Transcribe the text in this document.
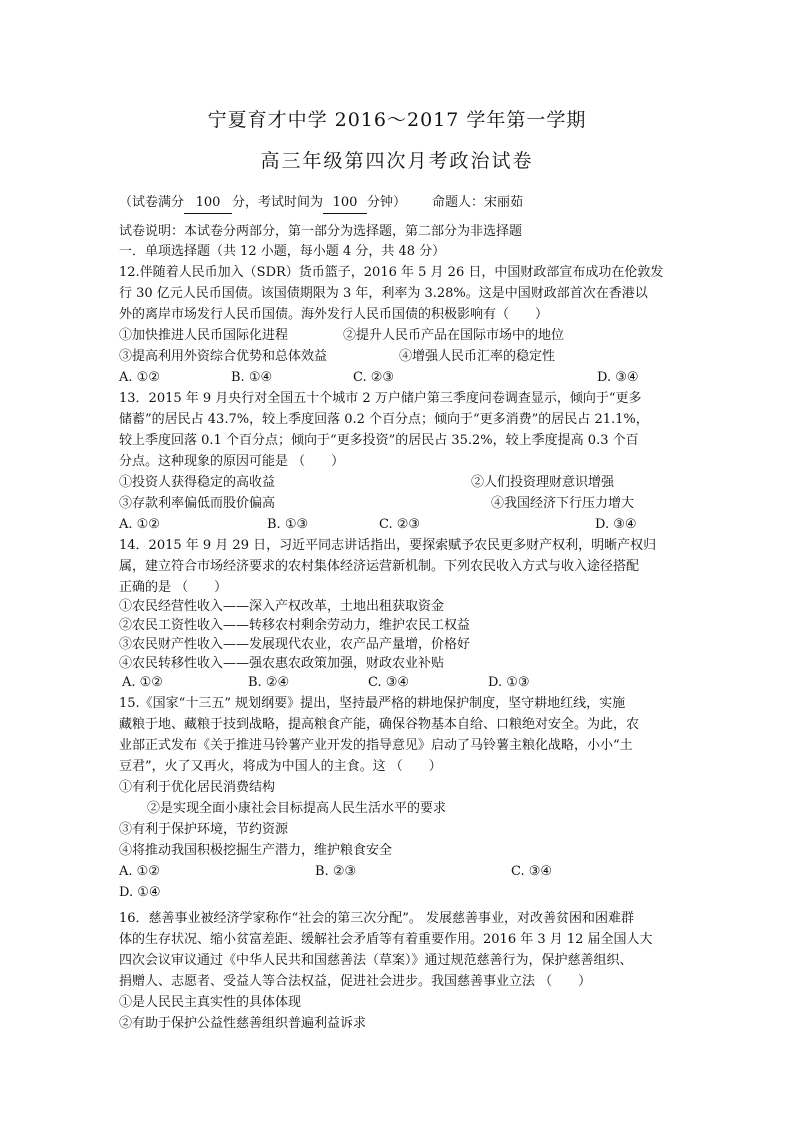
宁夏育才中学 2016～2017 学年第一学期
高三年级第四次月考政治试卷
（试卷满分 100 分，考试时间为 100 分钟） 命题人：宋丽茹
试卷说明：本试卷分两部分，第一部分为选择题，第二部分为非选择题
一．单项选择题（共 12 小题，每小题 4 分，共 48 分）
12.伴随着人民币加入（SDR）货币篮子，2016 年 5 月 26 日，中国财政部宣布成功在伦敦发
行 30 亿元人民币国债。该国债期限为 3 年，利率为 3.28%。这是中国财政部首次在香港以
外的离岸市场发行人民币国债。海外发行人民币国债的积极影响有（　　）
①加快推进人民币国际化进程	②提升人民币产品在国际市场中的地位
③提高利用外资综合优势和总体效益	④增强人民币汇率的稳定性
A. ①②	B. ①④	C. ②③	D. ③④
13．2015 年 9 月央行对全国五十个城市 2 万户储户第三季度问卷调查显示，倾向于“更多
储蓄”的居民占 43.7%，较上季度回落 0.2 个百分点；倾向于“更多消费”的居民占 21.1%，
较上季度回落 0.1 个百分点；倾向于“更多投资”的居民占 35.2%，较上季度提高 0.3 个百
分点。这种现象的原因可能是 （　　）
①投资人获得稳定的高收益	②人们投资理财意识增强
③存款利率偏低而股价偏高	④我国经济下行压力增大
A. ①②	B. ①③	C. ②③	D. ③④
14．2015 年 9 月 29 日，习近平同志讲话指出，要探索赋予农民更多财产权利，明晰产权归
属，建立符合市场经济要求的农村集体经济运营新机制。下列农民收入方式与收入途径搭配
正确的是 （　　）
①农民经营性收入——深入产权改革，土地出租获取资金
②农民工资性收入——转移农村剩余劳动力，维护农民工权益
③农民财产性收入——发展现代农业，农产品产量增，价格好
④农民转移性收入——强农惠农政策加强，财政农业补贴
A. ①②	B. ②④	C. ③④	D. ①③
15.《国家“十三五” 规划纲要》提出，坚持最严格的耕地保护制度，坚守耕地红线，实施
藏粮于地、藏粮于技到战略，提高粮食产能，确保谷物基本自给、口粮绝对安全。为此，农
业部正式发布《关于推进马铃薯产业开发的指导意见》启动了马铃薯主粮化战略，小小“土
豆君”，火了又再火，将成为中国人的主食。这 （　　）
①有利于优化居民消费结构
②是实现全面小康社会目标提高人民生活水平的要求
③有利于保护环境，节约资源
④将推动我国积极挖掘生产潜力，维护粮食安全
A. ①②	B. ②③	C. ③④
D. ①④
16．慈善事业被经济学家称作“社会的第三次分配”。 发展慈善事业，对改善贫困和困难群
体的生存状况、缩小贫富差距、缓解社会矛盾等有着重要作用。2016 年 3 月 12 届全国人大
四次会议审议通过《中华人民共和国慈善法（草案）》通过规范慈善行为，保护慈善组织、
捐赠人、志愿者、受益人等合法权益，促进社会进步。我国慈善事业立法 （　　）
①是人民民主真实性的具体体现
②有助于保护公益性慈善组织普遍利益诉求
